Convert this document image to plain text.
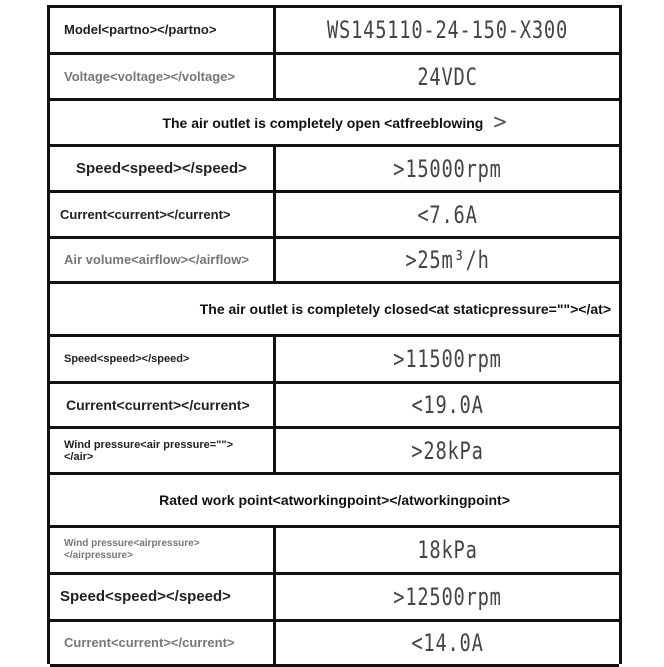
Model<partno></partno>	WS145110-24-150-X300
Voltage<voltage></voltage>	24VDC
The air outlet is completely open <atfreeblowing >
Speed<speed></speed>	>15000rpm
Current<current></current>	<7.6A
Air volume<airflow></airflow>	>25m³/h
The air outlet is completely closed<at staticpressure=""></at>
Speed<speed></speed>	>11500rpm
Current<current></current>	<19.0A
Wind pressure<air pressure=""></air>	>28kPa
Rated work point<atworkingpoint></atworkingpoint>
Wind pressure<airpressure></airpressure>	18kPa
Speed<speed></speed>	>12500rpm
Current<current></current>	<14.0A
